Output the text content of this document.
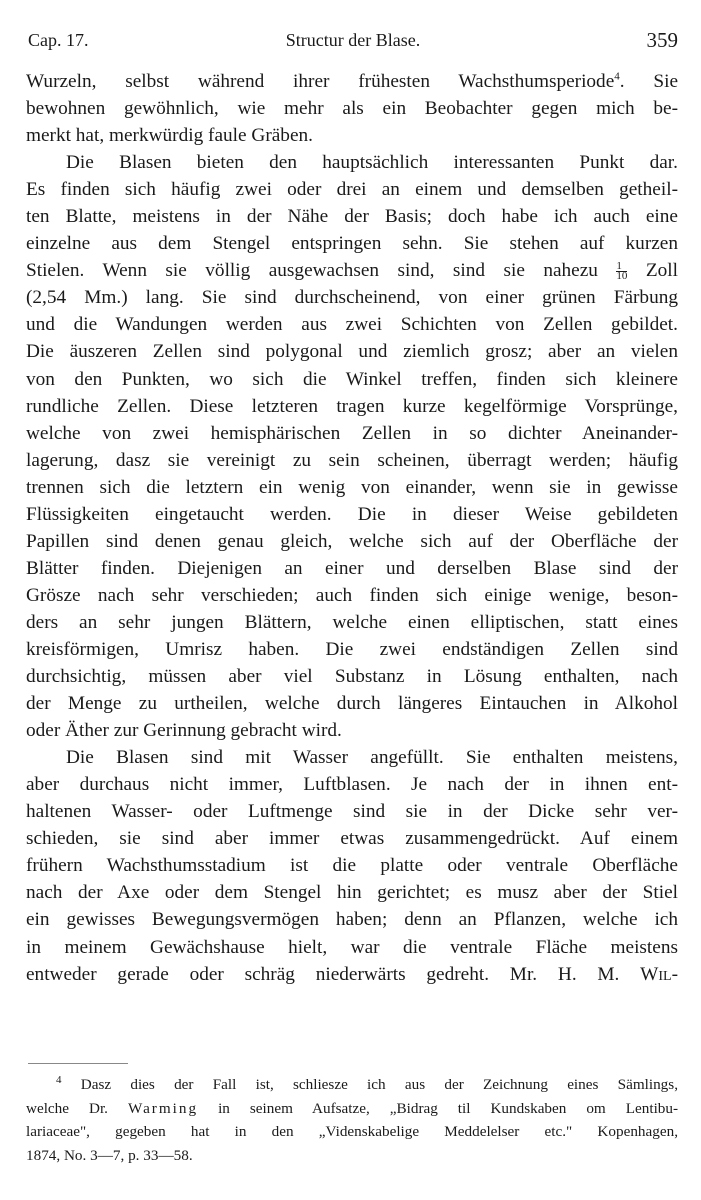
Cap. 17.	Structur der Blase.	359
Wurzeln, selbst während ihrer frühesten Wachsthumsperiode$^4$. Sie
bewohnen gewöhnlich, wie mehr als ein Beobachter gegen mich be-
merkt hat, merkwürdig faule Gräben.
Die Blasen bieten den hauptsächlich interessanten Punkt dar.
Es finden sich häufig zwei oder drei an einem und demselben getheil-
ten Blatte, meistens in der Nähe der Basis; doch habe ich auch eine
einzelne aus dem Stengel entspringen sehn. Sie stehen auf kurzen
Stielen. Wenn sie völlig ausgewachsen sind, sind sie nahezu $\frac{1}{10}$ Zoll
(2,54 Mm.) lang. Sie sind durchscheinend, von einer grünen Färbung
und die Wandungen werden aus zwei Schichten von Zellen gebildet.
Die äuszeren Zellen sind polygonal und ziemlich grosz; aber an vielen
von den Punkten, wo sich die Winkel treffen, finden sich kleinere
rundliche Zellen. Diese letzteren tragen kurze kegelförmige Vorsprünge,
welche von zwei hemisphärischen Zellen in so dichter Aneinander-
lagerung, dasz sie vereinigt zu sein scheinen, überragt werden; häufig
trennen sich die letztern ein wenig von einander, wenn sie in gewisse
Flüssigkeiten eingetaucht werden. Die in dieser Weise gebildeten
Papillen sind denen genau gleich, welche sich auf der Oberfläche der
Blätter finden. Diejenigen an einer und derselben Blase sind der
Grösze nach sehr verschieden; auch finden sich einige wenige, beson-
ders an sehr jungen Blättern, welche einen elliptischen, statt eines
kreisförmigen, Umrisz haben. Die zwei endständigen Zellen sind
durchsichtig, müssen aber viel Substanz in Lösung enthalten, nach
der Menge zu urtheilen, welche durch längeres Eintauchen in Alkohol
oder Äther zur Gerinnung gebracht wird.
Die Blasen sind mit Wasser angefüllt. Sie enthalten meistens,
aber durchaus nicht immer, Luftblasen. Je nach der in ihnen ent-
haltenen Wasser- oder Luftmenge sind sie in der Dicke sehr ver-
schieden, sie sind aber immer etwas zusammengedrückt. Auf einem
frühern Wachsthumsstadium ist die platte oder ventrale Oberfläche
nach der Axe oder dem Stengel hin gerichtet; es musz aber der Stiel
ein gewisses Bewegungsvermögen haben; denn an Pflanzen, welche ich
in meinem Gewächshause hielt, war die ventrale Fläche meistens
entweder gerade oder schräg niederwärts gedreht. Mr. H. M. Wil-
$^4$ Dasz dies der Fall ist, schliesze ich aus der Zeichnung eines Sämlings,
welche Dr. Warming in seinem Aufsatze, „Bidrag til Kundskaben om Lentibu-
lariaceae", gegeben hat in den „Videnskabelige Meddelelser etc." Kopenhagen,
1874, No. 3—7, p. 33—58.
